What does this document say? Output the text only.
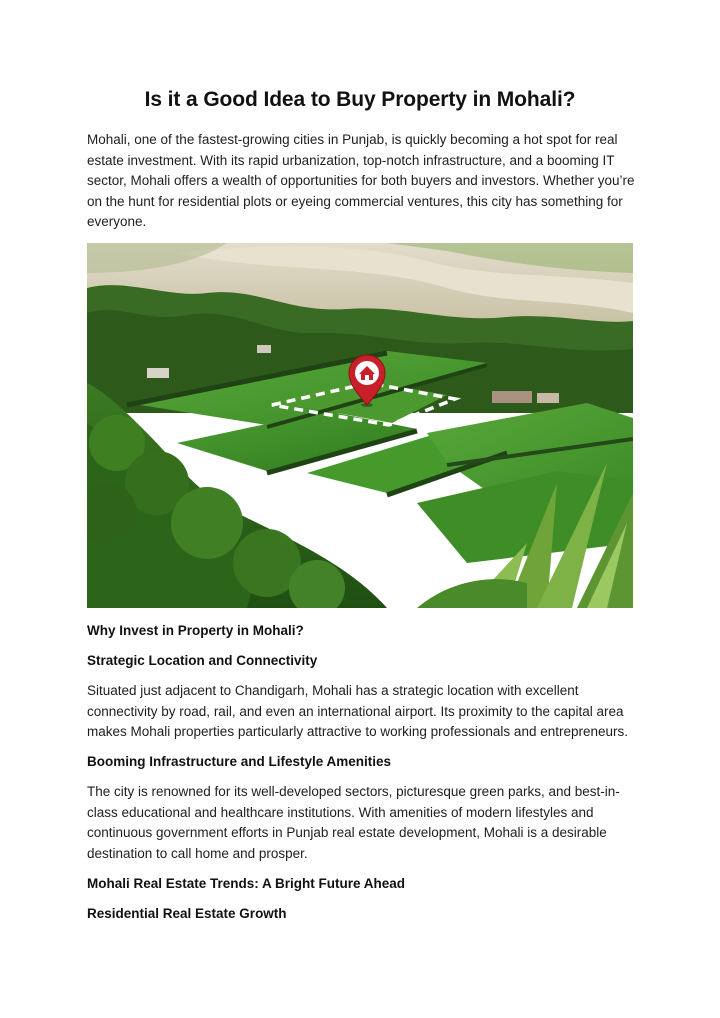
Is it a Good Idea to Buy Property in Mohali?

Mohali, one of the fastest-growing cities in Punjab, is quickly becoming a hot spot for real estate investment. With its rapid urbanization, top-notch infrastructure, and a booming IT sector, Mohali offers a wealth of opportunities for both buyers and investors. Whether you’re on the hunt for residential plots or eyeing commercial ventures, this city has something for everyone.

Why Invest in Property in Mohali?

Strategic Location and Connectivity

Situated just adjacent to Chandigarh, Mohali has a strategic location with excellent connectivity by road, rail, and even an international airport. Its proximity to the capital area makes Mohali properties particularly attractive to working professionals and entrepreneurs.

Booming Infrastructure and Lifestyle Amenities

The city is renowned for its well-developed sectors, picturesque green parks, and best-in-class educational and healthcare institutions. With amenities of modern lifestyles and continuous government efforts in Punjab real estate development, Mohali is a desirable destination to call home and prosper.

Mohali Real Estate Trends: A Bright Future Ahead

Residential Real Estate Growth
